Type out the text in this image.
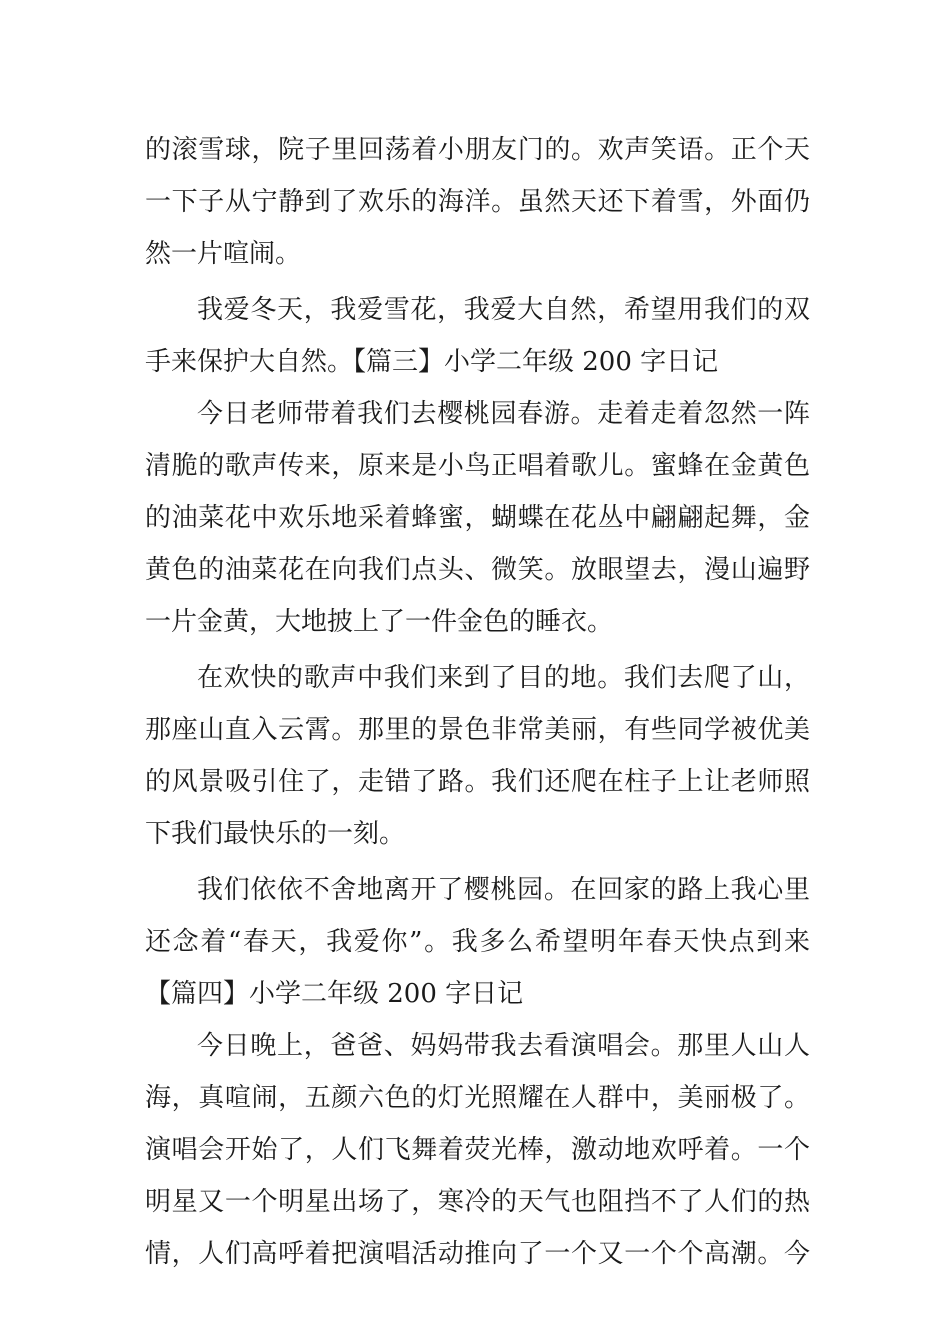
的滚雪球，院子里回荡着小朋友门的。欢声笑语。正个天
一下子从宁静到了欢乐的海洋。虽然天还下着雪，外面仍
然一片喧闹。
我爱冬天，我爱雪花，我爱大自然，希望用我们的双
手来保护大自然。【篇三】小学二年级 200 字日记
今日老师带着我们去樱桃园春游。走着走着忽然一阵
清脆的歌声传来，原来是小鸟正唱着歌儿。蜜蜂在金黄色
的油菜花中欢乐地采着蜂蜜，蝴蝶在花丛中翩翩起舞，金
黄色的油菜花在向我们点头、微笑。放眼望去，漫山遍野
一片金黄，大地披上了一件金色的睡衣。
在欢快的歌声中我们来到了目的地。我们去爬了山，
那座山直入云霄。那里的景色非常美丽，有些同学被优美
的风景吸引住了，走错了路。我们还爬在柱子上让老师照
下我们最快乐的一刻。
我们依依不舍地离开了樱桃园。在回家的路上我心里
还念着“春天，我爱你”。我多么希望明年春天快点到来
【篇四】小学二年级 200 字日记
今日晚上，爸爸、妈妈带我去看演唱会。那里人山人
海，真喧闹，五颜六色的灯光照耀在人群中，美丽极了。
演唱会开始了，人们飞舞着荧光棒，激动地欢呼着。一个
明星又一个明星出场了，寒冷的天气也阻挡不了人们的热
情，人们高呼着把演唱活动推向了一个又一个个高潮。今
